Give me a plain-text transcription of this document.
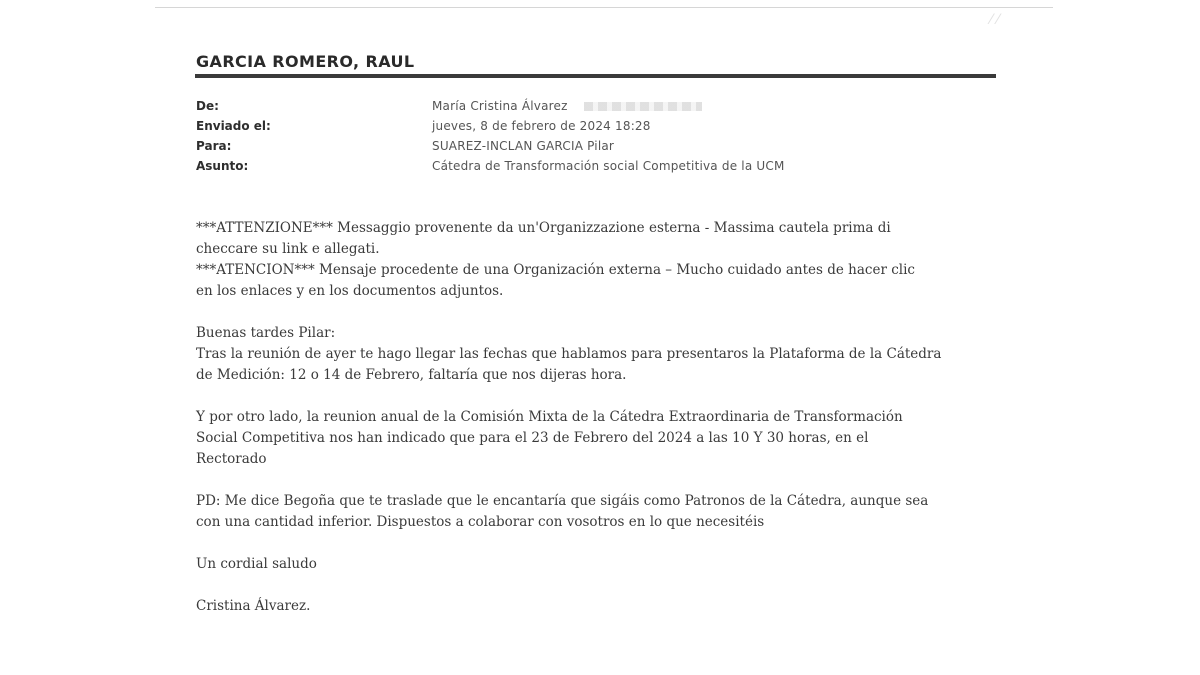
⁄ ⁄
GARCIA ROMERO, RAUL
De:	María Cristina Álvarez
Enviado el:	jueves, 8 de febrero de 2024 18:28
Para:	SUAREZ-INCLAN GARCIA Pilar
Asunto:	Cátedra de Transformación social Competitiva de la UCM

***ATTENZIONE*** Messaggio provenente da un'Organizzazione esterna - Massima cautela prima di

checcare su link e allegati.

***ATENCION*** Mensaje procedente de una Organización externa – Mucho cuidado antes de hacer clic

en los enlaces y en los documentos adjuntos.

Buenas tardes Pilar:

Tras la reunión de ayer te hago llegar las fechas que hablamos para presentaros la Plataforma de la Cátedra

de Medición: 12 o 14 de Febrero, faltaría que nos dijeras hora.

Y por otro lado, la reunion anual de la Comisión Mixta de la Cátedra Extraordinaria de Transformación

Social Competitiva nos han indicado que para el 23 de Febrero del 2024 a las 10 Y 30 horas, en el

Rectorado

PD: Me dice Begoña que te traslade que le encantaría que sigáis como Patronos de la Cátedra, aunque sea

con una cantidad inferior. Dispuestos a colaborar con vosotros en lo que necesitéis

Un cordial saludo

Cristina Álvarez.
